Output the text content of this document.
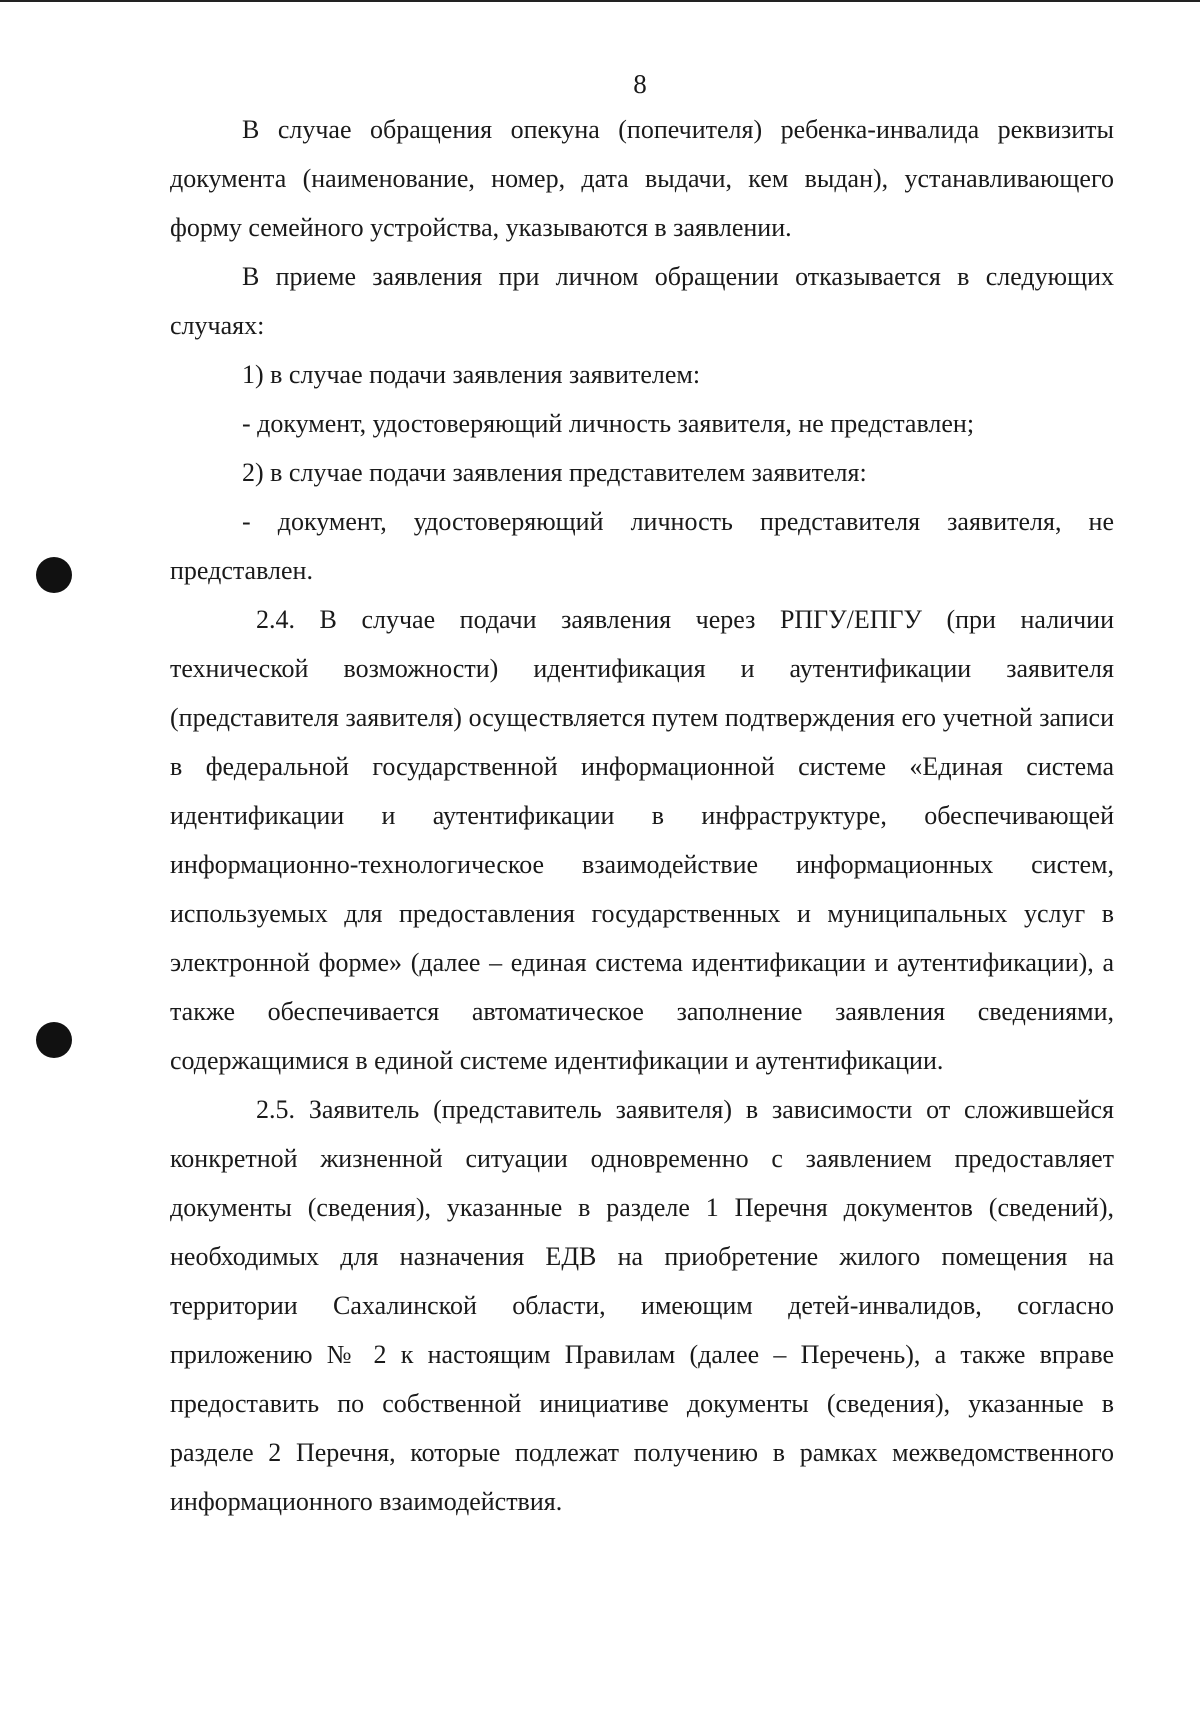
8

В случае обращения опекуна (попечителя) ребенка-инвалида реквизиты документа (наименование, номер, дата выдачи, кем выдан), устанавливающего форму семейного устройства, указываются в заявлении.

В приеме заявления при личном обращении отказывается в следующих случаях:

1) в случае подачи заявления заявителем:

- документ, удостоверяющий личность заявителя, не представлен;

2) в случае подачи заявления представителем заявителя:

- документ, удостоверяющий личность представителя заявителя, не представлен.

2.4. В случае подачи заявления через РПГУ/ЕПГУ (при наличии технической возможности) идентификация и аутентификации заявителя (представителя заявителя) осуществляется путем подтверждения его учетной записи в федеральной государственной информационной системе «Единая система идентификации и аутентификации в инфраструктуре, обеспечивающей информационно-технологическое взаимодействие информационных систем, используемых для предоставления государственных и муниципальных услуг в электронной форме» (далее – единая система идентификации и аутентификации), а также обеспечивается автоматическое заполнение заявления сведениями, содержащимися в единой системе идентификации и аутентификации.

2.5. Заявитель (представитель заявителя) в зависимости от сложившейся конкретной жизненной ситуации одновременно с заявлением предоставляет документы (сведения), указанные в разделе 1 Перечня документов (сведений), необходимых для назначения ЕДВ на приобретение жилого помещения на территории Сахалинской области, имеющим детей-инвалидов, согласно приложению № 2 к настоящим Правилам (далее – Перечень), а также вправе предоставить по собственной инициативе документы (сведения), указанные в разделе 2 Перечня, которые подлежат получению в рамках межведомственного информационного взаимодействия.
